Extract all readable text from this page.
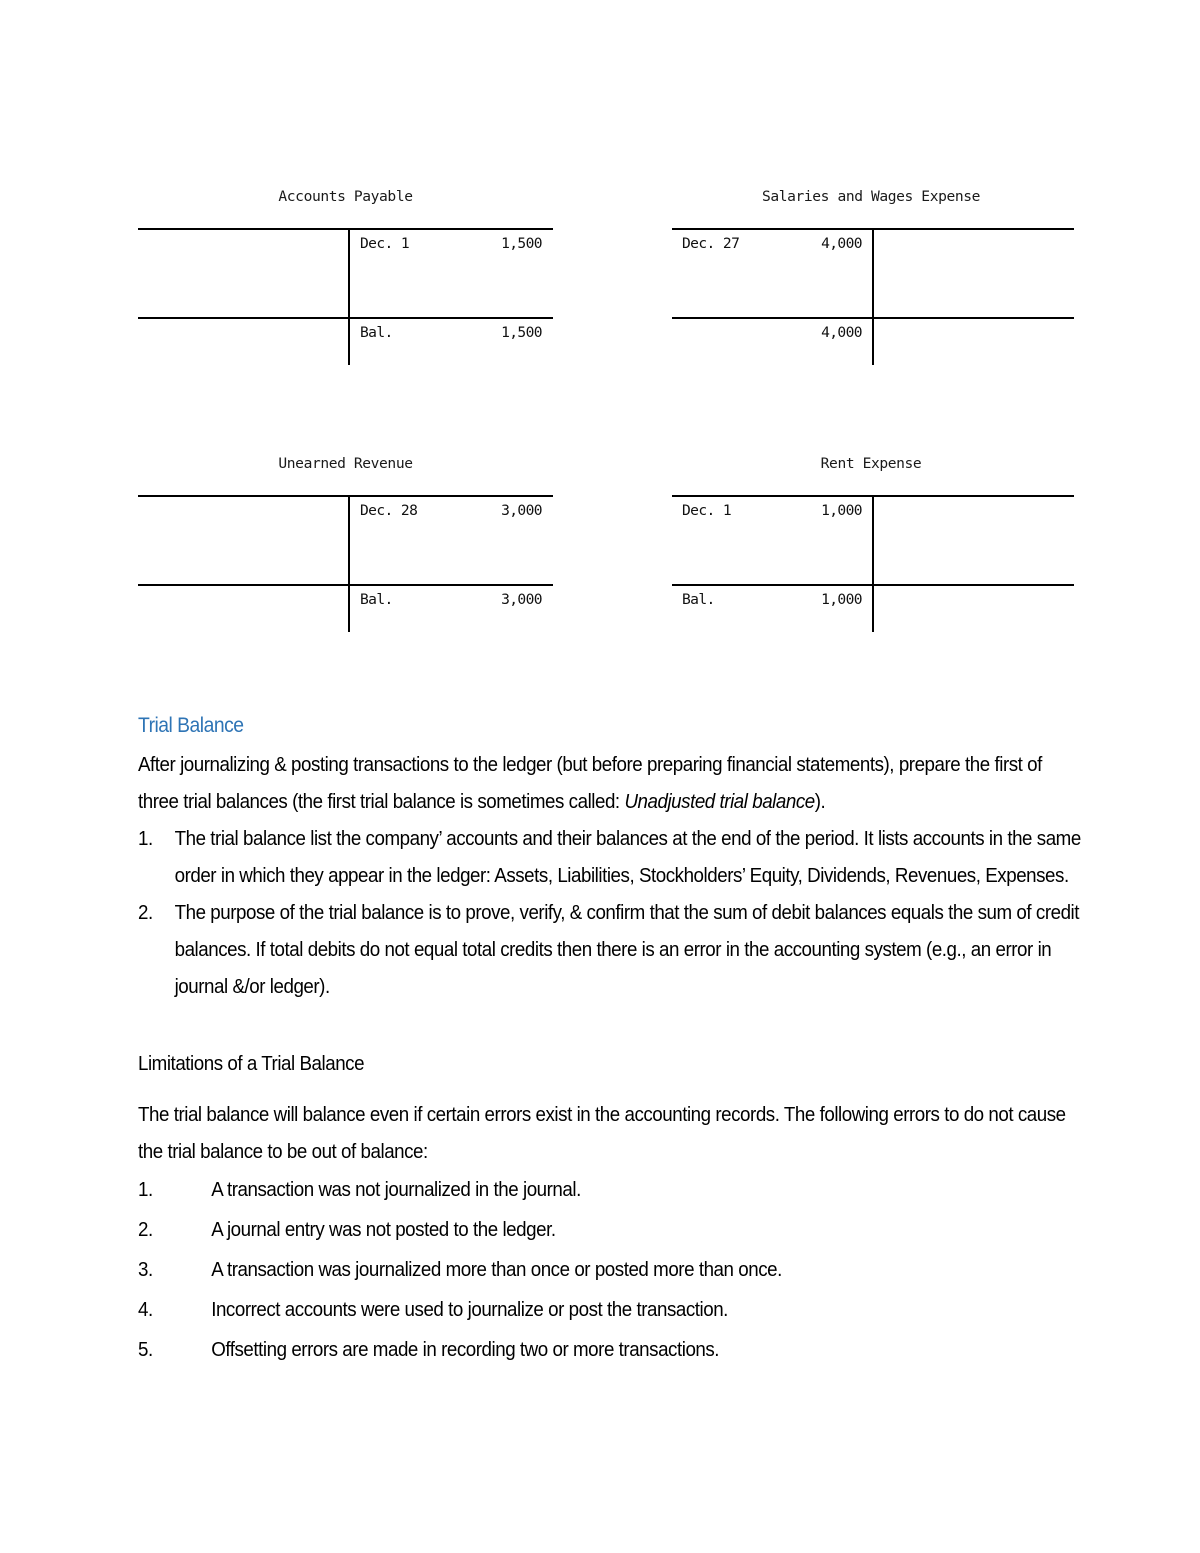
Accounts Payable
Dec. 1	1,500
Bal.	1,500
Salaries and Wages Expense
Dec. 27	4,000
4,000
Unearned Revenue
Dec. 28	3,000
Bal.	3,000
Rent Expense
Dec. 1	1,000
Bal.	1,000
Trial Balance

After journalizing & posting transactions to the ledger (but before preparing financial statements), prepare the first of three trial balances (the first trial balance is sometimes called: Unadjusted trial balance).

1.	The trial balance list the company’ accounts and their balances at the end of the period. It lists accounts in the same order in which they appear in the ledger: Assets, Liabilities, Stockholders’ Equity, Dividends, Revenues, Expenses.
2.	The purpose of the trial balance is to prove, verify, & confirm that the sum of debit balances equals the sum of credit balances. If total debits do not equal total credits then there is an error in the accounting system (e.g., an error in journal &/or ledger).

Limitations of a Trial Balance

The trial balance will balance even if certain errors exist in the accounting records. The following errors to do not cause the trial balance to be out of balance:

1.	A transaction was not journalized in the journal.
2.	A journal entry was not posted to the ledger.
3.	A transaction was journalized more than once or posted more than once.
4.	Incorrect accounts were used to journalize or post the transaction.
5.	Offsetting errors are made in recording two or more transactions.
